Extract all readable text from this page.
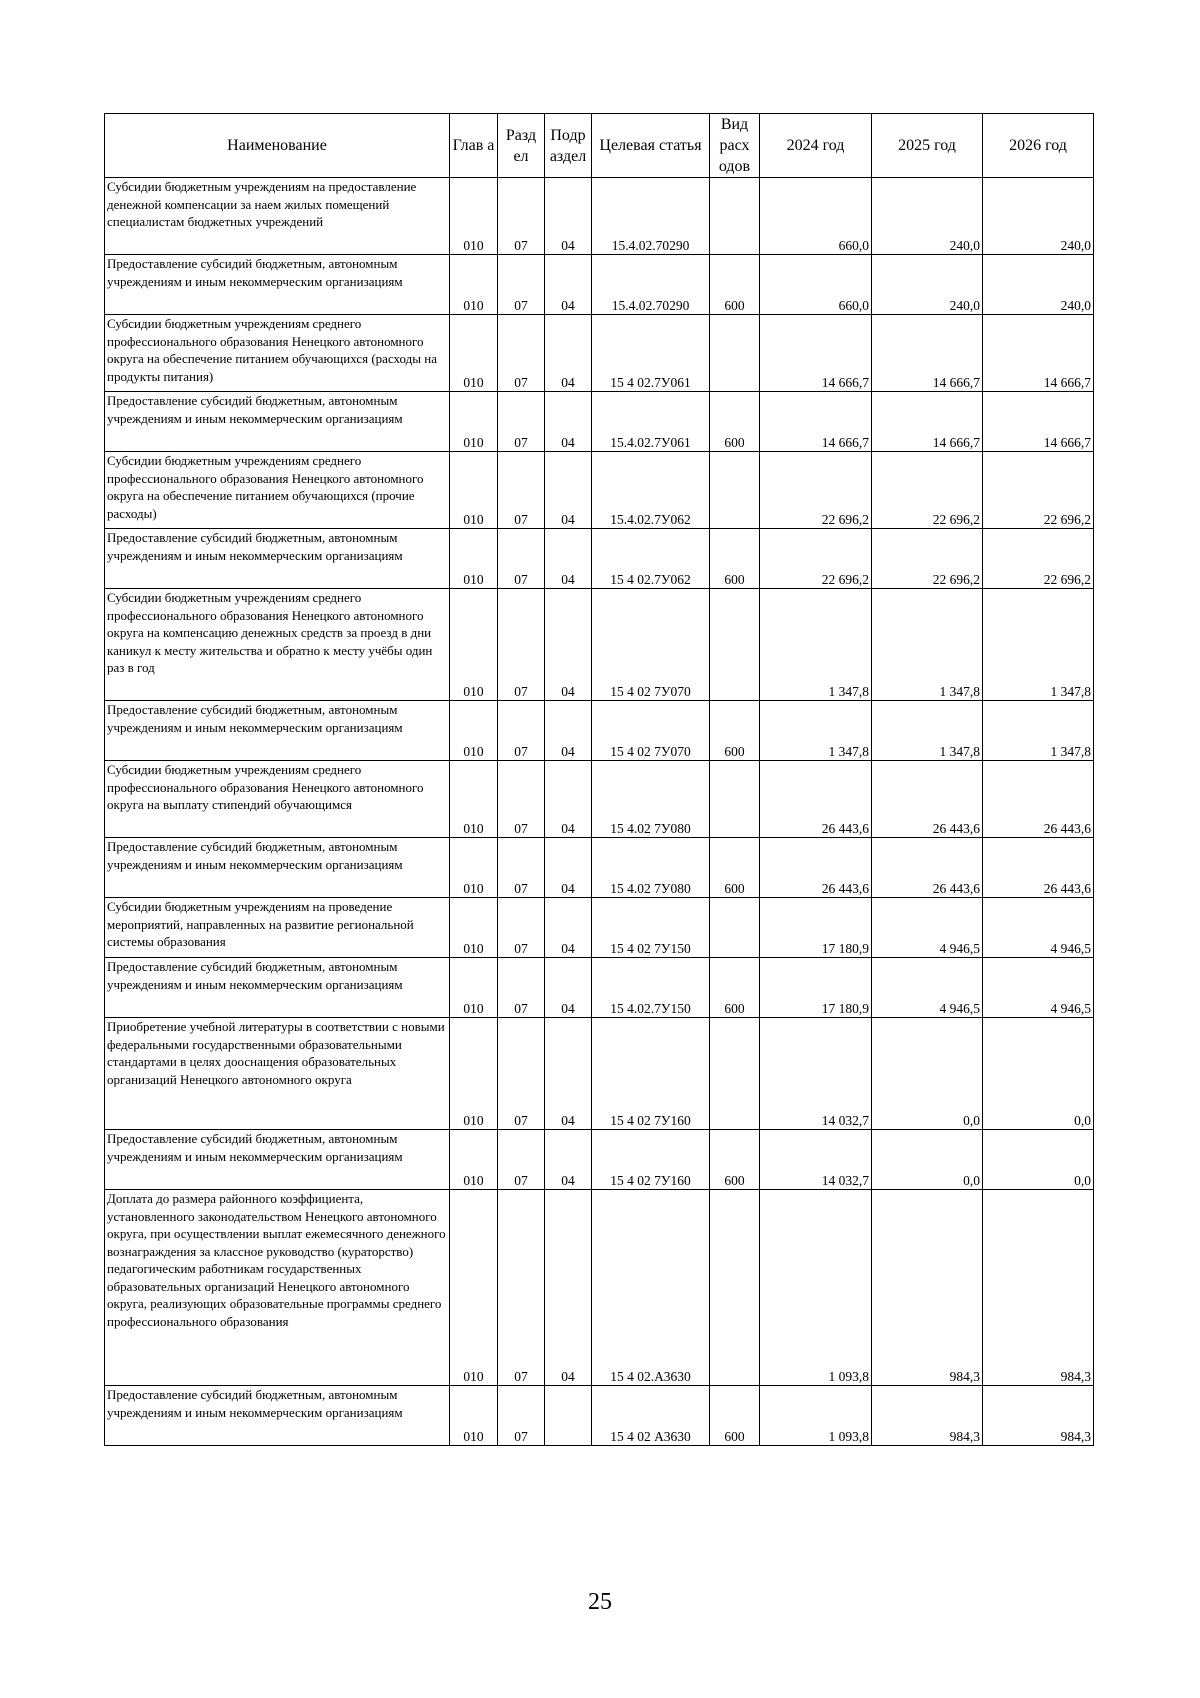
Наименование	Глав а	Разд ел	Подр аздел	Целевая статья	Вид расх одов	2024 год	2025 год	2026 год
Субсидии бюджетным учреждениям на предоставление денежной компенсации за наем жилых помещений специалистам бюджетных учреждений	010	07	04	15.4.02.70290		660,0	240,0	240,0
Предоставление субсидий бюджетным, автономным учреждениям и иным некоммерческим организациям	010	07	04	15.4.02.70290	600	660,0	240,0	240,0
Субсидии бюджетным учреждениям среднего профессионального образования Ненецкого автономного округа на обеспечение питанием обучающихся (расходы на продукты питания)	010	07	04	15 4 02.7У061		14 666,7	14 666,7	14 666,7
Предоставление субсидий бюджетным, автономным учреждениям и иным некоммерческим организациям	010	07	04	15.4.02.7У061	600	14 666,7	14 666,7	14 666,7
Субсидии бюджетным учреждениям среднего профессионального образования Ненецкого автономного округа на обеспечение питанием обучающихся (прочие расходы)	010	07	04	15.4.02.7У062		22 696,2	22 696,2	22 696,2
Предоставление субсидий бюджетным, автономным учреждениям и иным некоммерческим организациям	010	07	04	15 4 02.7У062	600	22 696,2	22 696,2	22 696,2
Субсидии бюджетным учреждениям среднего профессионального образования Ненецкого автономного округа на компенсацию денежных средств за проезд в дни каникул к месту жительства и обратно к месту учёбы один раз в год	010	07	04	15 4 02 7У070		1 347,8	1 347,8	1 347,8
Предоставление субсидий бюджетным, автономным учреждениям и иным некоммерческим организациям	010	07	04	15 4 02 7У070	600	1 347,8	1 347,8	1 347,8
Субсидии бюджетным учреждениям среднего профессионального образования Ненецкого автономного округа на выплату стипендий обучающимся	010	07	04	15 4.02 7У080		26 443,6	26 443,6	26 443,6
Предоставление субсидий бюджетным, автономным учреждениям и иным некоммерческим организациям	010	07	04	15 4.02 7У080	600	26 443,6	26 443,6	26 443,6
Субсидии бюджетным учреждениям на проведение мероприятий, направленных на развитие региональной системы образования	010	07	04	15 4 02 7У150		17 180,9	4 946,5	4 946,5
Предоставление субсидий бюджетным, автономным учреждениям и иным некоммерческим организациям	010	07	04	15 4.02.7У150	600	17 180,9	4 946,5	4 946,5
Приобретение учебной литературы в соответствии с новыми федеральными государственными образовательными стандартами в целях дооснащения образовательных организаций Ненецкого автономного округа	010	07	04	15 4 02 7У160		14 032,7	0,0	0,0
Предоставление субсидий бюджетным, автономным учреждениям и иным некоммерческим организациям	010	07	04	15 4 02 7У160	600	14 032,7	0,0	0,0
Доплата до размера районного коэффициента, установленного законодательством Ненецкого автономного округа, при осуществлении выплат ежемесячного денежного вознаграждения за классное руководство (кураторство) педагогическим работникам государственных образовательных организаций Ненецкого автономного округа, реализующих образовательные программы среднего профессионального образования	010	07	04	15 4 02.А3630		1 093,8	984,3	984,3
Предоставление субсидий бюджетным, автономным учреждениям и иным некоммерческим организациям	010	07		15 4 02 А3630	600	1 093,8	984,3	984,3
25
